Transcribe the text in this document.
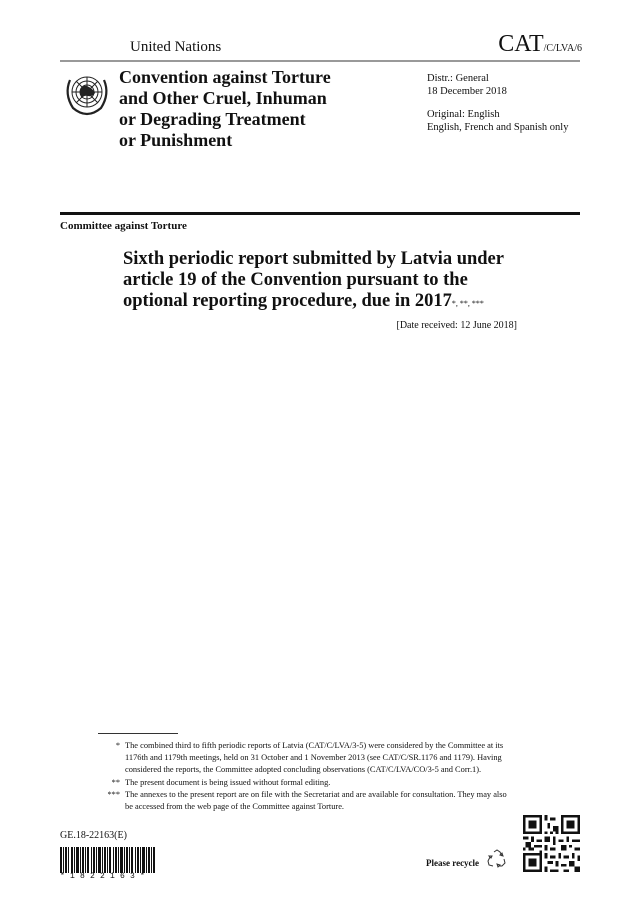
United Nations	CAT/C/LVA/6
Convention against Torture
and Other Cruel, Inhuman
or Degrading Treatment
or Punishment
Distr.: General
18 December 2018
Original: English
English, French and Spanish only
Committee against Torture
Sixth periodic report submitted by Latvia under
article 19 of the Convention pursuant to the
optional reporting procedure, due in 2017*, **, ***
[Date received: 12 June 2018]
* The combined third to fifth periodic reports of Latvia (CAT/C/LVA/3-5) were considered by the Committee at its 1176th and 1179th meetings, held on 31 October and 1 November 2013 (see CAT/C/SR.1176 and 1179). Having considered the reports, the Committee adopted concluding observations (CAT/C/LVA/CO/3-5 and Corr.1).
** The present document is being issued without formal editing.
*** The annexes to the present report are on file with the Secretariat and are available for consultation. They may also be accessed from the web page of the Committee against Torture.
GE.18-22163(E)
*1822163*
Please recycle
